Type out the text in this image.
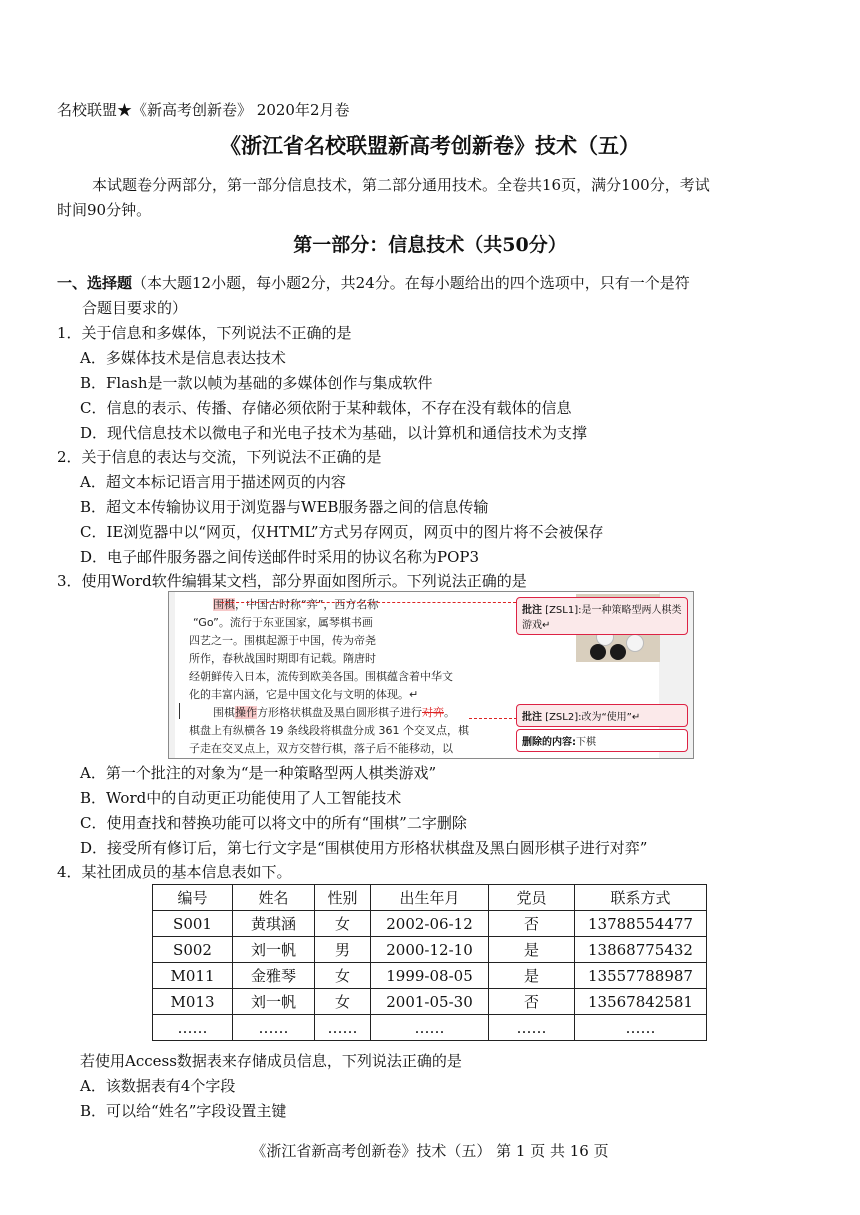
名校联盟★《新高考创新卷》 2020年2月卷
《浙江省名校联盟新高考创新卷》技术（五）
本试题卷分两部分，第一部分信息技术，第二部分通用技术。全卷共16页，满分100分，考试
时间90分钟。
第一部分：信息技术（共50分）
一、选择题（本大题12小题，每小题2分，共24分。在每小题给出的四个选项中，只有一个是符
合题目要求的）
1．关于信息和多媒体，下列说法不正确的是
A．多媒体技术是信息表达技术
B．Flash是一款以帧为基础的多媒体创作与集成软件
C．信息的表示、传播、存储必须依附于某种载体，不存在没有载体的信息
D．现代信息技术以微电子和光电子技术为基础，以计算机和通信技术为支撑
2．关于信息的表达与交流，下列说法不正确的是
A．超文本标记语言用于描述网页的内容
B．超文本传输协议用于浏览器与WEB服务器之间的信息传输
C．IE浏览器中以“网页，仅HTML”方式另存网页，网页中的图片将不会被保存
D．电子邮件服务器之间传送邮件时采用的协议名称为POP3
3．使用Word软件编辑某文档，部分界面如图所示。下列说法正确的是
围棋，中国古时称“弈”，西方名称
“Go”。流行于东亚国家，属琴棋书画
四艺之一。围棋起源于中国，传为帝尧
所作，春秋战国时期即有记载。隋唐时
经朝鲜传入日本，流传到欧美各国。围棋蕴含着中华文
化的丰富内涵，它是中国文化与文明的体现。↵
围棋操作方形格状棋盘及黑白圆形棋子进行对弈。
棋盘上有纵横各 19 条线段将棋盘分成 361 个交叉点，棋
子走在交叉点上，双方交替行棋，落子后不能移动，以
批注 [ZSL1]:是一种策略型两人棋类
游戏↵
批注 [ZSL2]:改为“使用”↵
删除的内容:下棋
A．第一个批注的对象为“是一种策略型两人棋类游戏”
B．Word中的自动更正功能使用了人工智能技术
C．使用查找和替换功能可以将文中的所有“围棋”二字删除
D．接受所有修订后，第七行文字是“围棋使用方形格状棋盘及黑白圆形棋子进行对弈”
4．某社团成员的基本信息表如下。
编号	姓名	性别	出生年月	党员	联系方式
S001	黄琪涵	女	2002-06-12	否	13788554477
S002	刘一帆	男	2000-12-10	是	13868775432
M011	金雅琴	女	1999-08-05	是	13557788987
M013	刘一帆	女	2001-05-30	否	13567842581
……	……	……	……	……	……
若使用Access数据表来存储成员信息，下列说法正确的是
A．该数据表有4个字段
B．可以给“姓名”字段设置主键
《浙江省新高考创新卷》技术（五） 第 1 页 共 16 页
